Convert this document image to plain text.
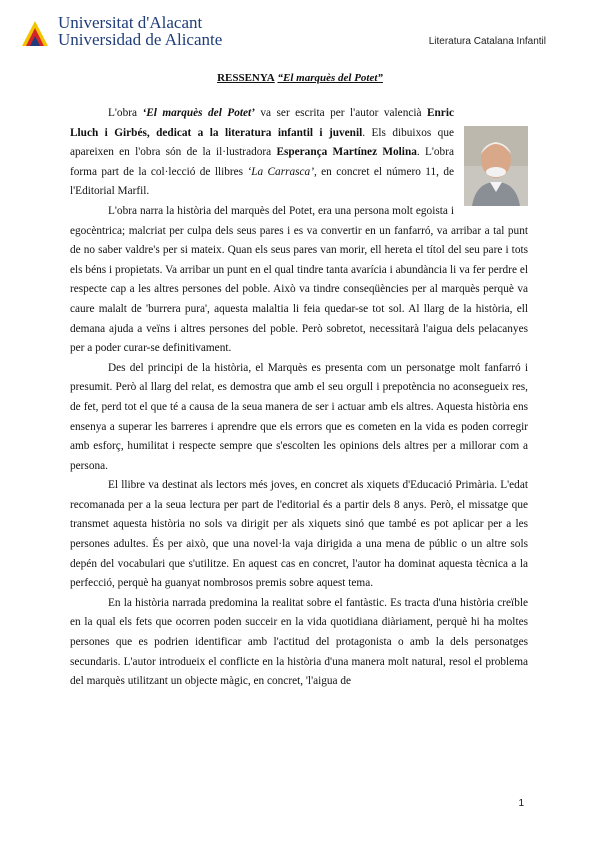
Universitat d'Alacant
Universidad de Alicante	Literatura Catalana Infantil
RESSENYA “El marquès del Potet”

L'obra ‘El marquès del Potet’ va ser escrita per l'autor valencià Enric Lluch i Girbés, dedicat a la literatura infantil i juvenil. Els dibuixos que apareixen en l'obra són de la il·lustradora Esperança Martínez Molina. L'obra forma part de la col·lecció de llibres ‘La Carrasca’, en concret el número 11, de l'Editorial Marfil.

L'obra narra la història del marquès del Potet, era una persona molt egoista i egocèntrica; malcriat per culpa dels seus pares i es va convertir en un fanfarró, va arribar a tal punt de no saber valdre's per si mateix. Quan els seus pares van morir, ell hereta el títol del seu pare i tots els béns i propietats. Va arribar un punt en el qual tindre tanta avarícia i abundància li va fer perdre el respecte cap a les altres persones del poble. Això va tindre conseqüències per al marquès perquè va caure malalt de 'burrera pura', aquesta malaltia li feia quedar-se tot sol. Al llarg de la història, ell demana ajuda a veïns i altres persones del poble. Però sobretot, necessitarà l'aigua dels pelacanyes per a poder curar-se definitivament.

Des del principi de la història, el Marquès es presenta com un personatge molt fanfarró i presumit. Però al llarg del relat, es demostra que amb el seu orgull i prepotència no aconsegueix res, de fet, perd tot el que té a causa de la seua manera de ser i actuar amb els altres. Aquesta història ens ensenya a superar les barreres i aprendre que els errors que es cometen en la vida es poden corregir amb esforç, humilitat i respecte sempre que s'escolten les opinions dels altres per a millorar com a persona.

El llibre va destinat als lectors més joves, en concret als xiquets d'Educació Primària. L'edat recomanada per a la seua lectura per part de l'editorial és a partir dels 8 anys. Però, el missatge que transmet aquesta història no sols va dirigit per als xiquets sinó que també es pot aplicar per a les persones adultes. És per això, que una novel·la vaja dirigida a una mena de públic o un altre sols depén del vocabulari que s'utilitze. En aquest cas en concret, l'autor ha dominat aquesta tècnica a la perfecció, perquè ha guanyat nombrosos premis sobre aquest tema.

En la història narrada predomina la realitat sobre el fantàstic. Es tracta d'una història creïble en la qual els fets que ocorren poden succeir en la vida quotidiana diàriament, perquè hi ha moltes persones que es podrien identificar amb l'actitud del protagonista o amb la dels personatges secundaris. L'autor introdueix el conflicte en la història d'una manera molt natural, resol el problema del marquès utilitzant un objecte màgic, en concret, 'l'aigua de

1
